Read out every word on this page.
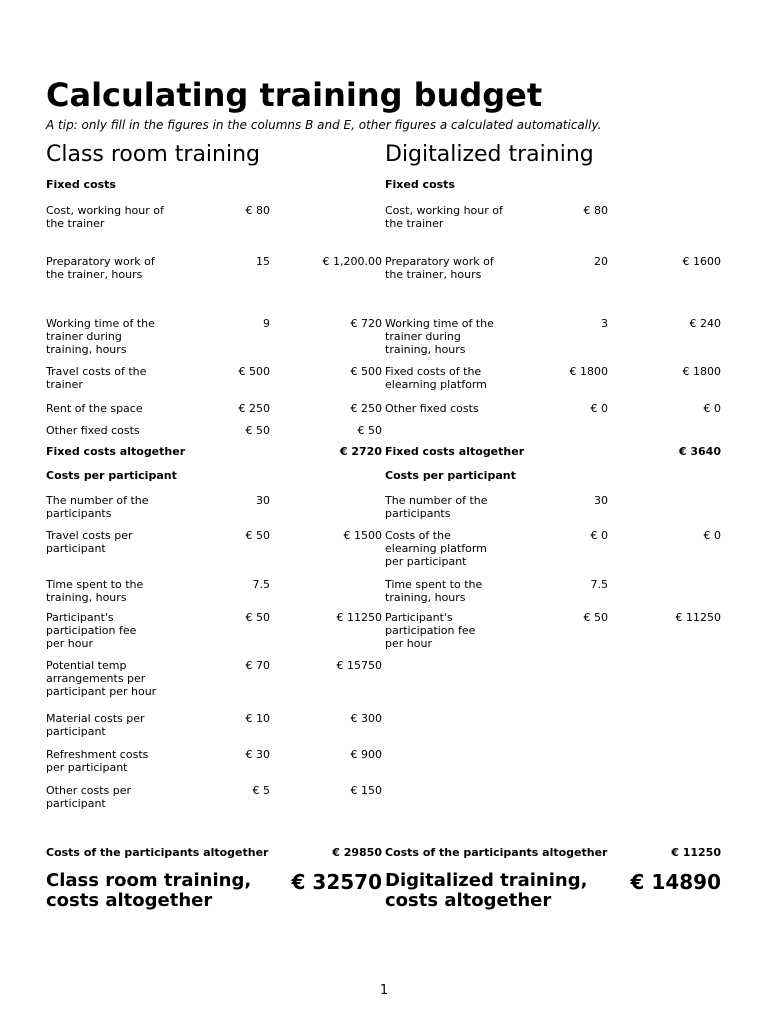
Calculating training budget
A tip: only fill in the figures in the columns B and E, other figures a calculated automatically.
Class room training
Fixed costs
Cost, working hour of the trainer
€ 80
Preparatory work of the trainer, hours
15	€ 1,200.00
Working time of the trainer during training, hours
9	€ 720
Travel costs of the trainer
€ 500	€ 500
Rent of the space	€ 250	€ 250
Other fixed costs	€ 50	€ 50
Fixed costs altogether	€ 2720
Costs per participant
The number of the participants
30
Travel costs per participant
€ 50	€ 1500
Time spent to the training, hours
7.5
Participant's participation fee per hour
€ 50	€ 11250
Potential temp arrangements per participant per hour
€ 70	€ 15750
Material costs per participant
€ 10	€ 300
Refreshment costs per participant
€ 30	€ 900
Other costs per participant
€ 5	€ 150
Costs of the participants altogether	€ 29850
Class room training, costs altogether
€ 32570
Digitalized training
Fixed costs
Cost, working hour of the trainer
€ 80
Preparatory work of the trainer, hours
20	€ 1600
Working time of the trainer during training, hours
3	€ 240
Fixed costs of the elearning platform
€ 1800	€ 1800
Other fixed costs	€ 0	€ 0
Fixed costs altogether	€ 3640
Costs per participant
The number of the participants
30
Costs of the elearning platform per participant
€ 0	€ 0
Time spent to the training, hours
7.5
Participant's participation fee per hour
€ 50	€ 11250
Costs of the participants altogether	€ 11250
Digitalized training, costs altogether
€ 14890
1
